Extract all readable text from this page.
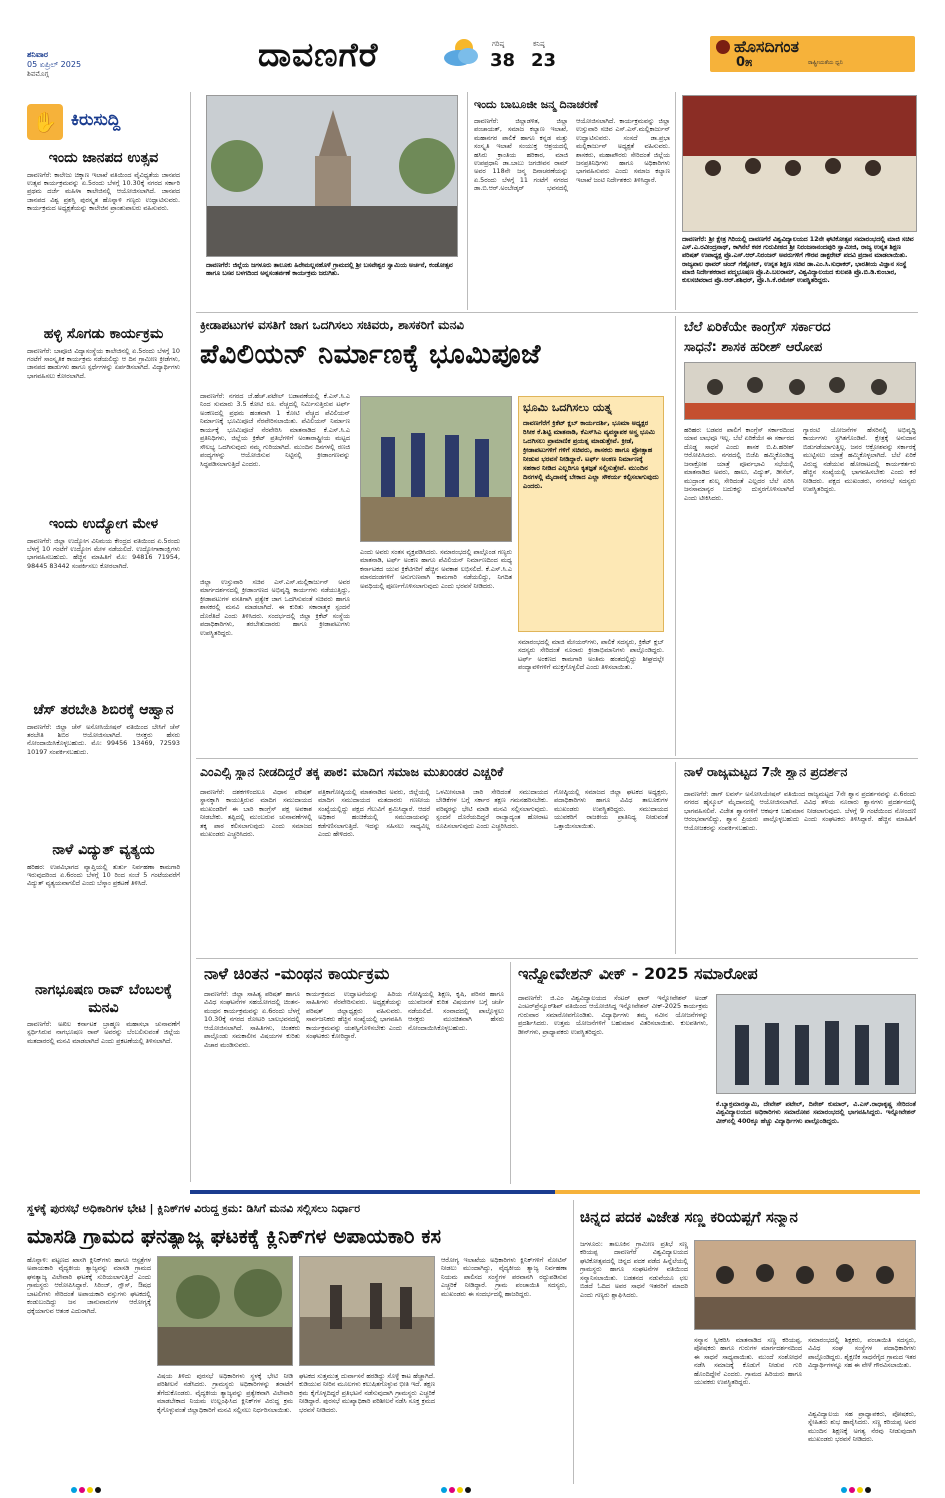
ಶನಿವಾರ
05 ಏಪ್ರಿಲ್ 2025
ಶಿವಮೊಗ್ಗ	ದಾವಣಗೆರೆ	ಗರಿಷ್ಠ
38
ಕನಿಷ್ಠ
23
ಹೊಸದಿಗಂತ
ರಾಷ್ಟ್ರೀಯತೆಯ ಧ್ವನಿ
0೫
✋ ಕಿರುಸುದ್ದಿ
ಇಂದು ಜಾನಪದ ಉತ್ಸವ
ದಾವಣಗೆರೆ: ಕಾಲೇಜು ಚಿಕ್ಕಾಣ ಇಲಾಖೆ ವತಿಯಿಂದ ವೈವಿಧ್ಯತೆಯ ಜಾನಪದ ಉತ್ಸವ ಕಾರ್ಯಕ್ರಮವನ್ನು ಏ.5ರಂದು ಬೆಳಗ್ಗೆ 10.30ಕ್ಕೆ ನಗರದ ಸರ್ಕಾರಿ ಪ್ರಥಮ ದರ್ಜೆ ಮಹಿಳಾ ಕಾಲೇಜಿನಲ್ಲಿ ಆಯೋಜಿಸಲಾಗಿದೆ. ಜಾನಪದ ಜಾನಪದ ವಿಶ್ವ ಪ್ರಶಸ್ತಿ ಪುರಸ್ಕೃತ ಹೊನ್ನಾಳಿ ಗಣ್ಯರು ಉದ್ಘಾಟಿಸುವರು. ಕಾರ್ಯಕ್ರಮದ ಅಧ್ಯಕ್ಷತೆಯನ್ನು ಕಾಲೇಜಿನ ಪ್ರಾಂಶುಪಾಲರು ವಹಿಸುವರು.
ಹಳ್ಳಿ ಸೊಗಡು ಕಾರ್ಯಕ್ರಮ
ದಾವಣಗೆರೆ: ಬಾಪೂಜಿ ವಿದ್ಯಾಸಂಸ್ಥೆಯ ಕಾಲೇಜಿನಲ್ಲಿ ಏ.5ರಂದು ಬೆಳಗ್ಗೆ 10 ಗಂಟೆಗೆ ಸಾಂಸ್ಕೃತಿಕ ಕಾರ್ಯಕ್ರಮ ನಡೆಯಲಿದ್ದು ಆ ದಿನ ಗ್ರಾಮೀಣ ಕ್ರೀಡೆಗಳು, ಜಾನಪದ ಹಾಡುಗಳು ಹಾಗೂ ಸ್ಪರ್ಧೆಗಳನ್ನು ಏರ್ಪಡಿಸಲಾಗಿದೆ. ವಿದ್ಯಾರ್ಥಿಗಳು ಭಾಗವಹಿಸಲು ಕೋರಲಾಗಿದೆ.
ಇಂದು ಉದ್ಯೋಗ ಮೇಳ
ದಾವಣಗೆರೆ: ಜಿಲ್ಲಾ ಉದ್ಯೋಗ ವಿನಿಮಯ ಕೇಂದ್ರದ ವತಿಯಿಂದ ಏ.5ರಂದು ಬೆಳಗ್ಗೆ 10 ಗಂಟೆಗೆ ಉದ್ಯೋಗ ಮೇಳ ನಡೆಯಲಿದೆ. ಉದ್ಯೋಗಾಕಾಂಕ್ಷಿಗಳು ಭಾಗವಹಿಸಬಹುದು. ಹೆಚ್ಚಿನ ಮಾಹಿತಿಗೆ ಮೊ: 94816 71954, 98445 83442 ಸಂಪರ್ಕಿಸಲು ಕೋರಲಾಗಿದೆ.
ಚೆಸ್ ತರಬೇತಿ ಶಿಬಿರಕ್ಕೆ ಆಹ್ವಾನ
ದಾವಣಗೆರೆ: ಜಿಲ್ಲಾ ಚೆಸ್ ಅಸೋಸಿಯೇಷನ್ ವತಿಯಿಂದ ಬೇಸಿಗೆ ಚೆಸ್ ತರಬೇತಿ ಶಿಬಿರ ಆಯೋಜಿಸಲಾಗಿದೆ. ಆಸಕ್ತರು ಹೆಸರು ನೋಂದಾಯಿಸಿಕೊಳ್ಳಬಹುದು. ಮೊ: 99456 13469, 72593 10197 ಸಂಪರ್ಕಿಸಬಹುದು.
ನಾಳೆ ವಿದ್ಯುತ್ ವ್ಯತ್ಯಯ
ಹರಿಹರ: ಉಪವಿಭಾಗದ ವ್ಯಾಪ್ತಿಯಲ್ಲಿ ತುರ್ತು ನಿರ್ವಹಣಾ ಕಾಮಗಾರಿ ಇರುವುದರಿಂದ ಏ.6ರಂದು ಬೆಳಗ್ಗೆ 10 ರಿಂದ ಸಂಜೆ 5 ಗಂಟೆಯವರೆಗೆ ವಿದ್ಯುತ್ ವ್ಯತ್ಯಯವಾಗಲಿದೆ ಎಂದು ಬೆಸ್ಕಾಂ ಪ್ರಕಟಣೆ ತಿಳಿಸಿದೆ.
ನಾಗಭೂಷಣ ರಾವ್ ಬೆಂಬಲಕ್ಕೆ ಮನವಿ
ದಾವಣಗೆರೆ: ಅಖಿಲ ಕರ್ನಾಟಕ ಬ್ರಾಹ್ಮಣ ಮಹಾಸಭಾ ಚುನಾವಣೆಗೆ ಸ್ಪರ್ಧಿಸಿರುವ ನಾಗಭೂಷಣ ರಾವ್ ಅವರನ್ನು ಬೆಂಬಲಿಸುವಂತೆ ಜಿಲ್ಲೆಯ ಮತದಾರರಲ್ಲಿ ಮನವಿ ಮಾಡಲಾಗಿದೆ ಎಂದು ಪ್ರಕಟಣೆಯಲ್ಲಿ ತಿಳಿಸಲಾಗಿದೆ.
ದಾವಣಗೆರೆ: ಜಿಲ್ಲೆಯ ಜಗಳೂರು ತಾಲೂಕು ಹಿರೇಮಲ್ಲನಹೊಳೆ ಗ್ರಾಮದಲ್ಲಿ ಶ್ರೀ ಬಸವೇಶ್ವರ ಸ್ವಾಮಿಯ ಅರ್ಚನೆ, ಕಂಡೋತ್ಸವ ಹಾಗೂ ಬಸವ ಬಳಗದಿಂದ ಅನ್ನಸಂತರ್ಪಣೆ ಕಾರ್ಯಕ್ರಮ ಜರುಗಿತು.
ಇಂದು ಬಾಬೂಜೀ ಜನ್ಮ ದಿನಾಚರಣೆ
ದಾವಣಗೆರೆ: ಜಿಲ್ಲಾಡಳಿತ, ಜಿಲ್ಲಾ ಪಂಚಾಯತ್, ಸಮಾಜ ಕಲ್ಯಾಣ ಇಲಾಖೆ, ಮಹಾನಗರ ಪಾಲಿಕೆ ಹಾಗೂ ಕನ್ನಡ ಮತ್ತು ಸಂಸ್ಕೃತಿ ಇಲಾಖೆ ಸಂಯುಕ್ತ ಆಶ್ರಯದಲ್ಲಿ ಹಸಿರು ಕ್ರಾಂತಿಯ ಹರಿಕಾರ, ಮಾಜಿ ಉಪಪ್ರಧಾನಿ ಡಾ.ಬಾಬು ಜಗಜೀವನ ರಾಮ್ ಅವರ 118ನೇ ಜನ್ಮ ದಿನಾಚರಣೆಯನ್ನು ಏ.5ರಂದು ಬೆಳಗ್ಗೆ 11 ಗಂಟೆಗೆ ನಗರದ ಡಾ.ಬಿ.ಆರ್.ಅಂಬೇಡ್ಕರ್ ಭವನದಲ್ಲಿ ಆಯೋಜಿಸಲಾಗಿದೆ. ಕಾರ್ಯಕ್ರಮವನ್ನು ಜಿಲ್ಲಾ ಉಸ್ತುವಾರಿ ಸಚಿವ ಎಸ್.ಎಸ್.ಮಲ್ಲಿಕಾರ್ಜುನ್ ಉದ್ಘಾಟಿಸುವರು. ಸಂಸದೆ ಡಾ.ಪ್ರಭಾ ಮಲ್ಲಿಕಾರ್ಜುನ್ ಅಧ್ಯಕ್ಷತೆ ವಹಿಸುವರು. ಶಾಸಕರು, ಮಹಾಪೌರರು ಸೇರಿದಂತೆ ಜಿಲ್ಲೆಯ ಜನಪ್ರತಿನಿಧಿಗಳು ಹಾಗೂ ಅಧಿಕಾರಿಗಳು ಭಾಗವಹಿಸುವರು ಎಂದು ಸಮಾಜ ಕಲ್ಯಾಣ ಇಲಾಖೆ ಜಂಟಿ ನಿರ್ದೇಶಕರು ತಿಳಿಸಿದ್ದಾರೆ.
ದಾವಣಗೆರೆ: ಶ್ರೀ ಕ್ಷೇತ್ರ ಗಿರಿಯಲ್ಲಿ ದಾವಣಗೆರೆ ವಿಶ್ವವಿದ್ಯಾಲಯದ 12ನೇ ಘಟಿಕೋತ್ಸವ ಸಮಾರಂಭದಲ್ಲಿ ಮಾಜಿ ಸಚಿವ ಎಸ್.ಎ.ರವೀಂದ್ರನಾಥ್, ಕಾಗಿನೆಲೆ ಕನಕ ಗುರುಪೀಠದ ಶ್ರೀ ನಿರಂಜನಾನಂದಪುರಿ ಸ್ವಾಮೀಜಿ, ರಾಜ್ಯ ಉನ್ನತ ಶಿಕ್ಷಣ ಪರಿಷತ್ ಉಪಾಧ್ಯಕ್ಷ ಪ್ರೊ.ಎಸ್.ಆರ್.ನಿರಂಜನ್ ಅವರುಗಳಿಗೆ ಗೌರವ ಡಾಕ್ಟರೇಟ್ ಪದವಿ ಪ್ರದಾನ ಮಾಡಲಾಯಿತು. ರಾಜ್ಯಪಾಲ ಥಾವರ್ ಚಂದ್ ಗೆಹ್ಲೋಟ್, ಉನ್ನತ ಶಿಕ್ಷಣ ಸಚಿವ ಡಾ.ಎಂ.ಸಿ.ಸುಧಾಕರ್, ಭಾರತೀಯ ವಿಜ್ಞಾನ ಸಂಸ್ಥೆ ಮಾಜಿ ನಿರ್ದೇಶಕರಾದ ಪದ್ಮಭೂಷಣ ಪ್ರೊ.ಪಿ.ಬಲರಾಮ್, ವಿಶ್ವವಿದ್ಯಾಲಯದ ಕುಲಪತಿ ಪ್ರೊ.ಬಿ.ಡಿ.ಕುಂಬಾರ, ಕುಲಸಚಿವರಾದ ಪ್ರೊ.ಆರ್.ಶಶಿಧರ್, ಪ್ರೊ.ಸಿ.ಕೆ.ರಮೇಶ್ ಉಪಸ್ಥಿತರಿದ್ದರು.
ಕ್ರೀಡಾಪಟುಗಳ ವಸತಿಗೆ ಜಾಗ ಒದಗಿಸಲು ಸಚಿವರು, ಶಾಸಕರಿಗೆ ಮನವಿ
ಪೆವಿಲಿಯನ್ ನಿರ್ಮಾಣಕ್ಕೆ ಭೂಮಿಪೂಜೆ
ದಾವಣಗೆರೆ: ನಗರದ ಜೆ.ಹೆಚ್.ಪಟೇಲ್ ಬಡಾವಣೆಯಲ್ಲಿ ಕೆ.ಎಸ್.ಸಿ.ಎ ನಿಂದ ಸುಮಾರು 3.5 ಕೋಟಿ ರೂ. ವೆಚ್ಚದಲ್ಲಿ ನಿರ್ಮಿಸುತ್ತಿರುವ ಟರ್ಫ್ ಅಂಕಣದಲ್ಲಿ ಪ್ರಥಮ ಹಂತವಾಗಿ 1 ಕೋಟಿ ವೆಚ್ಚದ ಪೆವಿಲಿಯನ್ ನಿರ್ಮಾಣಕ್ಕೆ ಭೂಮಿಪೂಜೆ ನೆರವೇರಿಸಲಾಯಿತು. ಪೆವಿಲಿಯನ್ ನಿರ್ಮಾಣ ಕಾರ್ಯಕ್ಕೆ ಭೂಮಿಪೂಜೆ ನೆರವೇರಿಸಿ ಮಾತನಾಡಿದ ಕೆ.ಎಸ್.ಸಿ.ಎ ಪ್ರತಿನಿಧಿಗಳು, ಜಿಲ್ಲೆಯ ಕ್ರಿಕೆಟ್ ಪ್ರತಿಭೆಗಳಿಗೆ ಅಂತಾರಾಷ್ಟ್ರೀಯ ಮಟ್ಟದ ಸೌಲಭ್ಯ ಒದಗಿಸುವುದು ನಮ್ಮ ಗುರಿಯಾಗಿದೆ. ಮುಂದಿನ ದಿನಗಳಲ್ಲಿ ರಣಜಿ ಪಂದ್ಯಗಳನ್ನು ಆಯೋಜಿಸುವ ನಿಟ್ಟಿನಲ್ಲಿ ಕ್ರೀಡಾಂಗಣವನ್ನು ಸಿದ್ಧಪಡಿಸಲಾಗುತ್ತಿದೆ ಎಂದರು.
ಜಿಲ್ಲಾ ಉಸ್ತುವಾರಿ ಸಚಿವ ಎಸ್.ಎಸ್.ಮಲ್ಲಿಕಾರ್ಜುನ್ ಅವರ ಮಾರ್ಗದರ್ಶನದಲ್ಲಿ ಕ್ರೀಡಾಂಗಣದ ಅಭಿವೃದ್ಧಿ ಕಾರ್ಯಗಳು ನಡೆಯುತ್ತಿದ್ದು, ಕ್ರೀಡಾಪಟುಗಳ ವಸತಿಗಾಗಿ ಪ್ರತ್ಯೇಕ ಜಾಗ ಒದಗಿಸುವಂತೆ ಸಚಿವರು ಹಾಗೂ ಶಾಸಕರಲ್ಲಿ ಮನವಿ ಮಾಡಲಾಗಿದೆ. ಈ ಕುರಿತು ಸಕಾರಾತ್ಮಕ ಸ್ಪಂದನೆ ದೊರೆತಿದೆ ಎಂದು ತಿಳಿಸಿದರು. ಸಂದರ್ಭದಲ್ಲಿ ಜಿಲ್ಲಾ ಕ್ರಿಕೆಟ್ ಸಂಸ್ಥೆಯ ಪದಾಧಿಕಾರಿಗಳು, ತರಬೇತುದಾರರು ಹಾಗೂ ಕ್ರೀಡಾಪಟುಗಳು ಉಪಸ್ಥಿತರಿದ್ದರು.
ಎಂದು ಅವರು ಸಂತಸ ವ್ಯಕ್ತಪಡಿಸಿದರು. ಸಮಾರಂಭದಲ್ಲಿ ಪಾಲ್ಗೊಂಡ ಗಣ್ಯರು ಮಾತನಾಡಿ, ಟರ್ಫ್ ಅಂಕಣ ಹಾಗೂ ಪೆವಿಲಿಯನ್ ನಿರ್ಮಾಣದಿಂದ ಮಧ್ಯ ಕರ್ನಾಟಕದ ಯುವ ಕ್ರಿಕೆಟಿಗರಿಗೆ ಹೆಚ್ಚಿನ ಅವಕಾಶ ಲಭಿಸಲಿದೆ. ಕೆ.ಎಸ್.ಸಿ.ಎ ಮಾನದಂಡಗಳಿಗೆ ಅನುಗುಣವಾಗಿ ಕಾಮಗಾರಿ ನಡೆಯಲಿದ್ದು, ನಿಗದಿತ ಅವಧಿಯಲ್ಲಿ ಪೂರ್ಣಗೊಳಿಸಲಾಗುವುದು ಎಂದು ಭರವಸೆ ನೀಡಿದರು.
ಭೂಮಿ ಒದಗಿಸಲು ಯತ್ನ
ದಾವಣಗೆರೆಗೆ ಕ್ರಿಕೆಟ್ ಕ್ಲಬ್ ಕಾರ್ಯದರ್ಶಿ, ಭೂಮಾ ಅಧ್ಯಕ್ಷರ ರಿಸೀಕ ಕೆ.ಶಿಟ್ಟಿ ಮಾತನಾಡಿ, ಕೆಎಸ್‌ಸಿಎ ವ್ಯವಸ್ಥಾಪಕ ಅಸ್ತ್ರ ಭೂಮಿ ಒದಗಿಸಲು ಪ್ರಾಮಾಣಿಕ ಪ್ರಯತ್ನ ಮಾಡುತ್ತೇವೆ. ಕ್ರೀಡೆ, ಕ್ರೀಡಾಪಟುಗಳಿಗೆ ಗಳಿಗೆ ಸಚಿವರು, ಶಾಸಕರು ಹಾಗೂ ಪ್ರೋತ್ಸಾಹ ನೀಡುವ ಭರವಸೆ ನೀಡಿದ್ದಾರೆ. ಟರ್ಫ್ ಅಂಕಣ ನಿರ್ಮಾಣಕ್ಕೆ ಸಹಕಾರ ನೀಡಿದ ಎಲ್ಲರಿಗೂ ಕೃತಜ್ಞತೆ ಸಲ್ಲಿಸುತ್ತೇವೆ. ಮುಂದಿನ ದಿನಗಳಲ್ಲಿ ಮೈದಾನಕ್ಕೆ ಬೇಕಾದ ಎಲ್ಲಾ ಸೌಕರ್ಯ ಕಲ್ಪಿಸಲಾಗುವುದು ಎಂದರು.
ಸಮಾರಂಭದಲ್ಲಿ ಮಾಜಿ ಮೇಯರ್‌ಗಳು, ಪಾಲಿಕೆ ಸದಸ್ಯರು, ಕ್ರಿಕೆಟ್ ಕ್ಲಬ್ ಸದಸ್ಯರು ಸೇರಿದಂತೆ ನೂರಾರು ಕ್ರೀಡಾಭಿಮಾನಿಗಳು ಪಾಲ್ಗೊಂಡಿದ್ದರು. ಟರ್ಫ್ ಅಂಕಣದ ಕಾಮಗಾರಿ ಅಂತಿಮ ಹಂತದಲ್ಲಿದ್ದು ಶೀಘ್ರದಲ್ಲೇ ಪಂದ್ಯಾವಳಿಗಳಿಗೆ ಮುಕ್ತಗೊಳ್ಳಲಿದೆ ಎಂದು ತಿಳಿಸಲಾಯಿತು.
ಬೆಲೆ ಏರಿಕೆಯೇ ಕಾಂಗ್ರೆಸ್ ಸರ್ಕಾರದ
ಸಾಧನೆ: ಶಾಸಕ ಹರೀಶ್ ಆರೋಪ
ಹರಿಹರ: ಬಡವರ ಪಾಲಿಗೆ ಕಾಂಗ್ರೆಸ್ ಸರ್ಕಾರದಿಂದ ಯಾವ ಲಾಭವೂ ಇಲ್ಲ. ಬೆಲೆ ಏರಿಕೆಯೇ ಈ ಸರ್ಕಾರದ ದೊಡ್ಡ ಸಾಧನೆ ಎಂದು ಶಾಸಕ ಬಿ.ಪಿ.ಹರೀಶ್ ಆರೋಪಿಸಿದರು. ನಗರದಲ್ಲಿ ಬಿಜೆಪಿ ಹಮ್ಮಿಕೊಂಡಿದ್ದ ಜನಾಕ್ರೋಶ ಯಾತ್ರೆ ಪೂರ್ವಭಾವಿ ಸಭೆಯಲ್ಲಿ ಮಾತನಾಡಿದ ಅವರು, ಹಾಲು, ವಿದ್ಯುತ್, ಡೀಸೆಲ್, ಮುದ್ರಾಂಕ ಶುಲ್ಕ ಸೇರಿದಂತೆ ಎಲ್ಲದರ ಬೆಲೆ ಏರಿಸಿ ಜನಸಾಮಾನ್ಯರ ಬದುಕನ್ನು ದುಸ್ತರಗೊಳಿಸಲಾಗಿದೆ ಎಂದು ಟೀಕಿಸಿದರು.
ಗ್ಯಾರಂಟಿ ಯೋಜನೆಗಳ ಹೆಸರಿನಲ್ಲಿ ಅಭಿವೃದ್ಧಿ ಕಾರ್ಯಗಳು ಸ್ಥಗಿತಗೊಂಡಿವೆ. ಕ್ಷೇತ್ರಕ್ಕೆ ಅನುದಾನ ಬಿಡುಗಡೆಯಾಗುತ್ತಿಲ್ಲ. ಜನರ ಆಕ್ರೋಶವನ್ನು ಸರ್ಕಾರಕ್ಕೆ ಮುಟ್ಟಿಸಲು ಯಾತ್ರೆ ಹಮ್ಮಿಕೊಳ್ಳಲಾಗಿದೆ. ಬೆಲೆ ಏರಿಕೆ ವಿರುದ್ಧ ನಡೆಯುವ ಹೋರಾಟದಲ್ಲಿ ಕಾರ್ಯಕರ್ತರು ಹೆಚ್ಚಿನ ಸಂಖ್ಯೆಯಲ್ಲಿ ಭಾಗವಹಿಸಬೇಕು ಎಂದು ಕರೆ ನೀಡಿದರು. ಪಕ್ಷದ ಮುಖಂಡರು, ನಗರಸಭೆ ಸದಸ್ಯರು ಉಪಸ್ಥಿತರಿದ್ದರು.
ಎಂಎಲ್ಸಿ ಸ್ಥಾನ ನೀಡದಿದ್ದರೆ ತಕ್ಕ ಪಾಠ: ಮಾದಿಗ ಸಮಾಜ ಮುಖಂಡರ ಎಚ್ಚರಿಕೆ
ದಾವಣಗೆರೆ: ದಶಕಗಳಿಂದಲೂ ವಿಧಾನ ಪರಿಷತ್ ಸ್ಥಾನಕ್ಕಾಗಿ ಕಾಯುತ್ತಿರುವ ಮಾದಿಗ ಸಮುದಾಯದ ಮುಖಂಡರಿಗೆ ಈ ಬಾರಿ ಕಾಂಗ್ರೆಸ್ ಪಕ್ಷ ಅವಕಾಶ ನೀಡಬೇಕು. ತಪ್ಪಿದಲ್ಲಿ ಮುಂಬರುವ ಚುನಾವಣೆಗಳಲ್ಲಿ ತಕ್ಕ ಪಾಠ ಕಲಿಸಲಾಗುವುದು ಎಂದು ಸಮಾಜದ ಮುಖಂಡರು ಎಚ್ಚರಿಸಿದರು.
ಪತ್ರಿಕಾಗೋಷ್ಠಿಯಲ್ಲಿ ಮಾತನಾಡಿದ ಅವರು, ಜಿಲ್ಲೆಯಲ್ಲಿ ಮಾದಿಗ ಸಮುದಾಯದ ಮತದಾರರು ಗಣನೀಯ ಸಂಖ್ಯೆಯಲ್ಲಿದ್ದು ಪಕ್ಷದ ಗೆಲುವಿಗೆ ಶ್ರಮಿಸಿದ್ದಾರೆ. ಆದರೆ ಅಧಿಕಾರ ಹಂಚಿಕೆಯಲ್ಲಿ ಸಮುದಾಯವನ್ನು ಕಡೆಗಣಿಸಲಾಗುತ್ತಿದೆ. ಇದನ್ನು ಸಹಿಸಲು ಸಾಧ್ಯವಿಲ್ಲ ಎಂದು ಹೇಳಿದರು.
ಒಳಮೀಸಲಾತಿ ಜಾರಿ ಸೇರಿದಂತೆ ಸಮುದಾಯದ ಬೇಡಿಕೆಗಳ ಬಗ್ಗೆ ಸರ್ಕಾರ ತಕ್ಷಣ ಗಮನಹರಿಸಬೇಕು. ವರಿಷ್ಠರನ್ನು ಭೇಟಿ ಮಾಡಿ ಮನವಿ ಸಲ್ಲಿಸಲಾಗುವುದು. ಸ್ಪಂದನೆ ದೊರೆಯದಿದ್ದರೆ ರಾಜ್ಯಾದ್ಯಂತ ಹೋರಾಟ ರೂಪಿಸಲಾಗುವುದು ಎಂದು ಎಚ್ಚರಿಸಿದರು.
ಗೋಷ್ಠಿಯಲ್ಲಿ ಸಮಾಜದ ಜಿಲ್ಲಾ ಘಟಕದ ಅಧ್ಯಕ್ಷರು, ಪದಾಧಿಕಾರಿಗಳು ಹಾಗೂ ವಿವಿಧ ತಾಲೂಕುಗಳ ಮುಖಂಡರು ಉಪಸ್ಥಿತರಿದ್ದರು. ಸಮುದಾಯದ ಯುವಕರಿಗೆ ರಾಜಕೀಯ ಪ್ರಾತಿನಿಧ್ಯ ನೀಡುವಂತೆ ಒತ್ತಾಯಿಸಲಾಯಿತು.
ನಾಳೆ ರಾಜ್ಯಮಟ್ಟದ 7ನೇ ಶ್ವಾನ ಪ್ರದರ್ಶನ
ದಾವಣಗೆರೆ: ಡಾಗ್ ಲವರ್ಸ್ ಅಸೋಸಿಯೇಷನ್ ವತಿಯಿಂದ ರಾಜ್ಯಮಟ್ಟದ 7ನೇ ಶ್ವಾನ ಪ್ರದರ್ಶನವನ್ನು ಏ.6ರಂದು ನಗರದ ಹೈಸ್ಕೂಲ್ ಮೈದಾನದಲ್ಲಿ ಆಯೋಜಿಸಲಾಗಿದೆ. ವಿವಿಧ ತಳಿಯ ನೂರಾರು ಶ್ವಾನಗಳು ಪ್ರದರ್ಶನದಲ್ಲಿ ಭಾಗವಹಿಸಲಿವೆ. ವಿಜೇತ ಶ್ವಾನಗಳಿಗೆ ಆಕರ್ಷಕ ಬಹುಮಾನ ನೀಡಲಾಗುವುದು. ಬೆಳಗ್ಗೆ 9 ಗಂಟೆಯಿಂದ ನೋಂದಣಿ ಆರಂಭವಾಗಲಿದ್ದು, ಶ್ವಾನ ಪ್ರಿಯರು ಪಾಲ್ಗೊಳ್ಳಬಹುದು ಎಂದು ಸಂಘಟಕರು ತಿಳಿಸಿದ್ದಾರೆ. ಹೆಚ್ಚಿನ ಮಾಹಿತಿಗೆ ಆಯೋಜಕರನ್ನು ಸಂಪರ್ಕಿಸಬಹುದು.
ನಾಳೆ ಚಿಂತನ -ಮಂಥನ ಕಾರ್ಯಕ್ರಮ
ದಾವಣಗೆರೆ: ಜಿಲ್ಲಾ ಸಾಹಿತ್ಯ ಪರಿಷತ್ ಹಾಗೂ ವಿವಿಧ ಸಂಘಟನೆಗಳ ಸಹಯೋಗದಲ್ಲಿ ಚಿಂತನ-ಮಂಥನ ಕಾರ್ಯಕ್ರಮವನ್ನು ಏ.6ರಂದು ಬೆಳಗ್ಗೆ 10.30ಕ್ಕೆ ನಗರದ ರೋಟರಿ ಬಾಲಭವನದಲ್ಲಿ ಆಯೋಜಿಸಲಾಗಿದೆ. ಸಾಹಿತಿಗಳು, ಚಿಂತಕರು ಪಾಲ್ಗೊಂಡು ಸಮಕಾಲೀನ ವಿಷಯಗಳ ಕುರಿತು ವಿಚಾರ ಮಂಡಿಸುವರು.
ಕಾರ್ಯಕ್ರಮದ ಉದ್ಘಾಟನೆಯನ್ನು ಹಿರಿಯ ಸಾಹಿತಿಗಳು ನೆರವೇರಿಸುವರು. ಅಧ್ಯಕ್ಷತೆಯನ್ನು ಪರಿಷತ್ ಜಿಲ್ಲಾಧ್ಯಕ್ಷರು ವಹಿಸುವರು. ಸಾರ್ವಜನಿಕರು ಹೆಚ್ಚಿನ ಸಂಖ್ಯೆಯಲ್ಲಿ ಭಾಗವಹಿಸಿ ಕಾರ್ಯಕ್ರಮವನ್ನು ಯಶಸ್ವಿಗೊಳಿಸಬೇಕು ಎಂದು ಸಂಘಟಕರು ಕೋರಿದ್ದಾರೆ.
ಗೋಷ್ಠಿಯಲ್ಲಿ ಶಿಕ್ಷಣ, ಕೃಷಿ, ಪರಿಸರ ಹಾಗೂ ಯುವಜನತೆ ಕುರಿತ ವಿಷಯಗಳ ಬಗ್ಗೆ ಚರ್ಚೆ ನಡೆಯಲಿದೆ. ಸಂವಾದದಲ್ಲಿ ಪಾಲ್ಗೊಳ್ಳಲು ಆಸಕ್ತರು ಮುಂಚಿತವಾಗಿ ಹೆಸರು ನೋಂದಾಯಿಸಿಕೊಳ್ಳಬಹುದು.
ಇನ್ನೋವೇಶನ್ ವೀಕ್ - 2025 ಸಮಾರೋಪ
ದಾವಣಗೆರೆ: ಜಿ.ಎಂ ವಿಶ್ವವಿದ್ಯಾಲಯದ ಸೆಂಟರ್ ಫಾರ್ ಇನ್ನೋವೇಶನ್ ಅಂಡ್ ಎಂಟರ್‌ಪ್ರೆನ್ಯೂರ್‌ಶಿಪ್ ವತಿಯಿಂದ ಆಯೋಜಿಸಿದ್ದ ಇನ್ನೋವೇಶನ್ ವೀಕ್-2025 ಕಾರ್ಯಕ್ರಮ ಗುರುವಾರ ಸಮಾರೋಪಗೊಂಡಿತು. ವಿದ್ಯಾರ್ಥಿಗಳು ತಮ್ಮ ನವೀನ ಯೋಜನೆಗಳನ್ನು ಪ್ರದರ್ಶಿಸಿದರು. ಉತ್ತಮ ಯೋಜನೆಗಳಿಗೆ ಬಹುಮಾನ ವಿತರಿಸಲಾಯಿತು. ಕುಲಪತಿಗಳು, ಡೀನ್‌ಗಳು, ಪ್ರಾಧ್ಯಾಪಕರು ಉಪಸ್ಥಿತರಿದ್ದರು.
ಕೆ.ಬ್ಯಾಕ್ತಮಾರಸ್ವಾಮಿ, ದೇವೇಶ್ ಪಟೇಲ್, ದಿನೇಶ್ ಕುಮಾರ್, ವಿ.ಎಸ್.ರಾಧಾಕೃಷ್ಣ ಸೇರಿದಂತೆ ವಿಶ್ವವಿದ್ಯಾಲಯದ ಅಧಿಕಾರಿಗಳು ಸಮಾರೋಪ ಸಮಾರಂಭದಲ್ಲಿ ಭಾಗವಹಿಸಿದ್ದರು. ಇನ್ನೋವೇಶನ್ ವೀಕ್‌ನಲ್ಲಿ 400ಕ್ಕೂ ಹೆಚ್ಚು ವಿದ್ಯಾರ್ಥಿಗಳು ಪಾಲ್ಗೊಂಡಿದ್ದರು.
ಸ್ಥಳಕ್ಕೆ ಪುರಸಭೆ ಅಧಿಕಾರಿಗಳ ಭೇಟಿ | ಕ್ಲಿನಿಕ್‌ಗಳ ವಿರುದ್ಧ ಕ್ರಮ: ಡಿಸಿಗೆ ಮನವಿ ಸಲ್ಲಿಸಲು ನಿರ್ಧಾರ
ಮಾಸಡಿ ಗ್ರಾಮದ ಘನತ್ಯಾಜ್ಯ ಘಟಕಕ್ಕೆ ಕ್ಲಿನಿಕ್‌ಗಳ ಅಪಾಯಕಾರಿ ಕಸ
ಹೊನ್ನಾಳಿ: ಪಟ್ಟಣದ ಖಾಸಗಿ ಕ್ಲಿನಿಕ್‌ಗಳು ಹಾಗೂ ಆಸ್ಪತ್ರೆಗಳ ಅಪಾಯಕಾರಿ ವೈದ್ಯಕೀಯ ತ್ಯಾಜ್ಯವನ್ನು ಮಾಸಡಿ ಗ್ರಾಮದ ಘನತ್ಯಾಜ್ಯ ವಿಲೇವಾರಿ ಘಟಕಕ್ಕೆ ಸುರಿಯಲಾಗುತ್ತಿದೆ ಎಂದು ಗ್ರಾಮಸ್ಥರು ಆರೋಪಿಸಿದ್ದಾರೆ. ಸಿರಿಂಜ್, ಗ್ಲೌಸ್, ಔಷಧ ಬಾಟಲಿಗಳು ಸೇರಿದಂತೆ ಅಪಾಯಕಾರಿ ವಸ್ತುಗಳು ಘಟಕದಲ್ಲಿ ಕಂಡುಬಂದಿದ್ದು ಜನ ಜಾನುವಾರುಗಳ ಆರೋಗ್ಯಕ್ಕೆ ಧಕ್ಕೆಯಾಗುವ ಆತಂಕ ಎದುರಾಗಿದೆ.
ವಿಷಯ ತಿಳಿದು ಪುರಸಭೆ ಅಧಿಕಾರಿಗಳು ಸ್ಥಳಕ್ಕೆ ಭೇಟಿ ನೀಡಿ ಪರಿಶೀಲನೆ ನಡೆಸಿದರು. ಗ್ರಾಮಸ್ಥರು ಅಧಿಕಾರಿಗಳನ್ನು ತರಾಟೆಗೆ ತೆಗೆದುಕೊಂಡರು. ವೈದ್ಯಕೀಯ ತ್ಯಾಜ್ಯವನ್ನು ಪ್ರತ್ಯೇಕವಾಗಿ ವಿಲೇವಾರಿ ಮಾಡಬೇಕಾದ ನಿಯಮ ಉಲ್ಲಂಘಿಸಿದ ಕ್ಲಿನಿಕ್‌ಗಳ ವಿರುದ್ಧ ಕ್ರಮ ಕೈಗೊಳ್ಳುವಂತೆ ಜಿಲ್ಲಾಧಿಕಾರಿಗೆ ಮನವಿ ಸಲ್ಲಿಸಲು ನಿರ್ಧರಿಸಲಾಯಿತು.
ಘಟಕದ ಸುತ್ತಮುತ್ತ ದುರ್ವಾಸನೆ ಹರಡಿದ್ದು ಸೊಳ್ಳೆ ಕಾಟ ಹೆಚ್ಚಾಗಿದೆ. ಕುಡಿಯುವ ನೀರಿನ ಮೂಲಗಳು ಕಲುಷಿತಗೊಳ್ಳುವ ಭೀತಿ ಇದೆ. ತಕ್ಷಣ ಕ್ರಮ ಕೈಗೊಳ್ಳದಿದ್ದರೆ ಪ್ರತಿಭಟನೆ ನಡೆಸುವುದಾಗಿ ಗ್ರಾಮಸ್ಥರು ಎಚ್ಚರಿಕೆ ನೀಡಿದ್ದಾರೆ. ಪುರಸಭೆ ಮುಖ್ಯಾಧಿಕಾರಿ ಪರಿಶೀಲನೆ ನಡೆಸಿ ಸೂಕ್ತ ಕ್ರಮದ ಭರವಸೆ ನೀಡಿದರು.
ಆರೋಗ್ಯ ಇಲಾಖೆಯ ಅಧಿಕಾರಿಗಳು ಕ್ಲಿನಿಕ್‌ಗಳಿಗೆ ನೋಟಿಸ್ ನೀಡಲು ಮುಂದಾಗಿದ್ದು, ವೈದ್ಯಕೀಯ ತ್ಯಾಜ್ಯ ನಿರ್ವಹಣಾ ನಿಯಮ ಪಾಲಿಸದ ಸಂಸ್ಥೆಗಳ ಪರವಾನಗಿ ರದ್ದುಪಡಿಸುವ ಎಚ್ಚರಿಕೆ ನೀಡಿದ್ದಾರೆ. ಗ್ರಾಮ ಪಂಚಾಯಿತಿ ಸದಸ್ಯರು, ಮುಖಂಡರು ಈ ಸಂದರ್ಭದಲ್ಲಿ ಹಾಜರಿದ್ದರು.
ಚಿನ್ನದ ಪದಕ ವಿಜೇತ ಸಣ್ಣ ಕರಿಯಪ್ಪಗೆ ಸನ್ಮಾನ
ಜಗಳೂರು: ತಾಲೂಕಿನ ಗ್ರಾಮೀಣ ಪ್ರತಿಭೆ ಸಣ್ಣ ಕರಿಯಪ್ಪ ದಾವಣಗೆರೆ ವಿಶ್ವವಿದ್ಯಾಲಯದ ಘಟಿಕೋತ್ಸವದಲ್ಲಿ ಚಿನ್ನದ ಪದಕ ಪಡೆದ ಹಿನ್ನೆಲೆಯಲ್ಲಿ ಗ್ರಾಮಸ್ಥರು ಹಾಗೂ ಸಂಘಟನೆಗಳ ವತಿಯಿಂದ ಸನ್ಮಾನಿಸಲಾಯಿತು. ಬಡತನದ ನಡುವೆಯೂ ಛಲ ಬಿಡದೆ ಓದಿದ ಅವರ ಸಾಧನೆ ಇತರರಿಗೆ ಮಾದರಿ ಎಂದು ಗಣ್ಯರು ಶ್ಲಾಘಿಸಿದರು.
ಸನ್ಮಾನ ಸ್ವೀಕರಿಸಿ ಮಾತನಾಡಿದ ಸಣ್ಣ ಕರಿಯಪ್ಪ, ಪೋಷಕರು ಹಾಗೂ ಗುರುಗಳ ಮಾರ್ಗದರ್ಶನದಿಂದ ಈ ಸಾಧನೆ ಸಾಧ್ಯವಾಯಿತು. ಮುಂದೆ ಸಂಶೋಧನೆ ನಡೆಸಿ ಸಮಾಜಕ್ಕೆ ಕೊಡುಗೆ ನೀಡುವ ಗುರಿ ಹೊಂದಿದ್ದೇನೆ ಎಂದರು. ಗ್ರಾಮದ ಹಿರಿಯರು ಹಾಗೂ ಯುವಕರು ಉಪಸ್ಥಿತರಿದ್ದರು.
ಸಮಾರಂಭದಲ್ಲಿ ಶಿಕ್ಷಕರು, ಪಂಚಾಯಿತಿ ಸದಸ್ಯರು, ವಿವಿಧ ಸಂಘ ಸಂಸ್ಥೆಗಳ ಪದಾಧಿಕಾರಿಗಳು ಪಾಲ್ಗೊಂಡಿದ್ದರು. ಶೈಕ್ಷಣಿಕ ಸಾಧನೆಗೈದ ಗ್ರಾಮದ ಇತರ ವಿದ್ಯಾರ್ಥಿಗಳನ್ನೂ ಸಹ ಈ ವೇಳೆ ಗೌರವಿಸಲಾಯಿತು.
ವಿಶ್ವವಿದ್ಯಾಲಯ ಸಹ ಪ್ರಾಧ್ಯಾಪಕರು, ಪೋಷಕರು, ಸ್ನೇಹಿತರು ಶುಭ ಹಾರೈಸಿದರು. ಸಣ್ಣ ಕರಿಯಪ್ಪ ಅವರ ಮುಂದಿನ ಶಿಕ್ಷಣಕ್ಕೆ ಅಗತ್ಯ ನೆರವು ನೀಡುವುದಾಗಿ ಮುಖಂಡರು ಭರವಸೆ ನೀಡಿದರು.
